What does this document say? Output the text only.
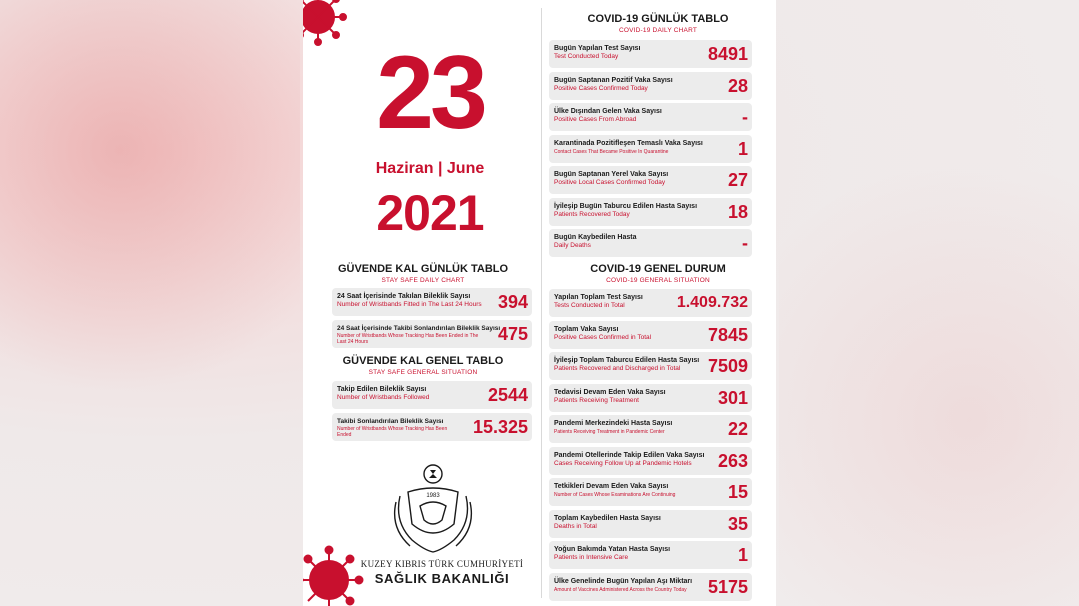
23
Haziran | June
2021
GÜVENDE KAL GÜNLÜK TABLO
STAY SAFE DAILY CHART
24 Saat İçerisinde Takılan Bileklik Sayısı
Number of Wristbands Fitted in The Last 24 Hours 394
24 Saat İçerisinde Takibi Sonlandırılan Bileklik Sayısı
Number of Wristbands Whose Tracking Has Been Ended in The Last 24 Hours	475
GÜVENDE KAL GENEL TABLO
STAY SAFE GENERAL SITUATION
Takip Edilen Bileklik Sayısı
Number of Wristbands Followed	2544
Takibi Sonlandırılan Bileklik Sayısı
Number of Wristbands Whose Tracking Has Been Ended	15.325
1983
KUZEY KIBRIS TÜRK CUMHURİYETİ
SAĞLIK BAKANLIĞI
COVID-19 GÜNLÜK TABLO
COVID-19 DAILY CHART
Bugün Yapılan Test Sayısı
Test Conducted Today	8491
Bugün Saptanan Pozitif Vaka Sayısı
Positive Cases Confirmed Today	28
Ülke Dışından Gelen Vaka Sayısı
Positive Cases From Abroad	-
Karantinada Pozitifleşen Temaslı Vaka Sayısı
Contact Cases That Became Positive In Quarantine	1
Bugün Saptanan Yerel Vaka Sayısı
Positive Local Cases Confirmed Today	27
İyileşip Bugün Taburcu Edilen Hasta Sayısı
Patients Recovered Today	18
Bugün Kaybedilen Hasta
Daily Deaths	-
COVID-19 GENEL DURUM
COVID-19 GENERAL SITUATION
Yapılan Toplam Test Sayısı
Tests Conducted in Total	1.409.732
Toplam Vaka Sayısı
Positive Cases Confirmed in Total	7845
İyileşip Toplam Taburcu Edilen Hasta Sayısı
Patients Recovered and Discharged in Total 7509
Tedavisi Devam Eden Vaka Sayısı
Patients Receiving Treatment	301
Pandemi Merkezindeki Hasta Sayısı
Patients Receiving Treatment in Pandemic Center	22
Pandemi Otellerinde Takip Edilen Vaka Sayısı
Cases Receiving Follow Up at Pandemic Hotels 263
Tetkikleri Devam Eden Vaka Sayısı
Number of Cases Whose Examinations Are Continuing	15
Toplam Kaybedilen Hasta Sayısı
Deaths in Total	35
Yoğun Bakımda Yatan Hasta Sayısı
Patients in Intensive Care	1
Ülke Genelinde Bugün Yapılan Aşı Miktarı
Amount of Vaccines Administered Across the Country Today 5175
